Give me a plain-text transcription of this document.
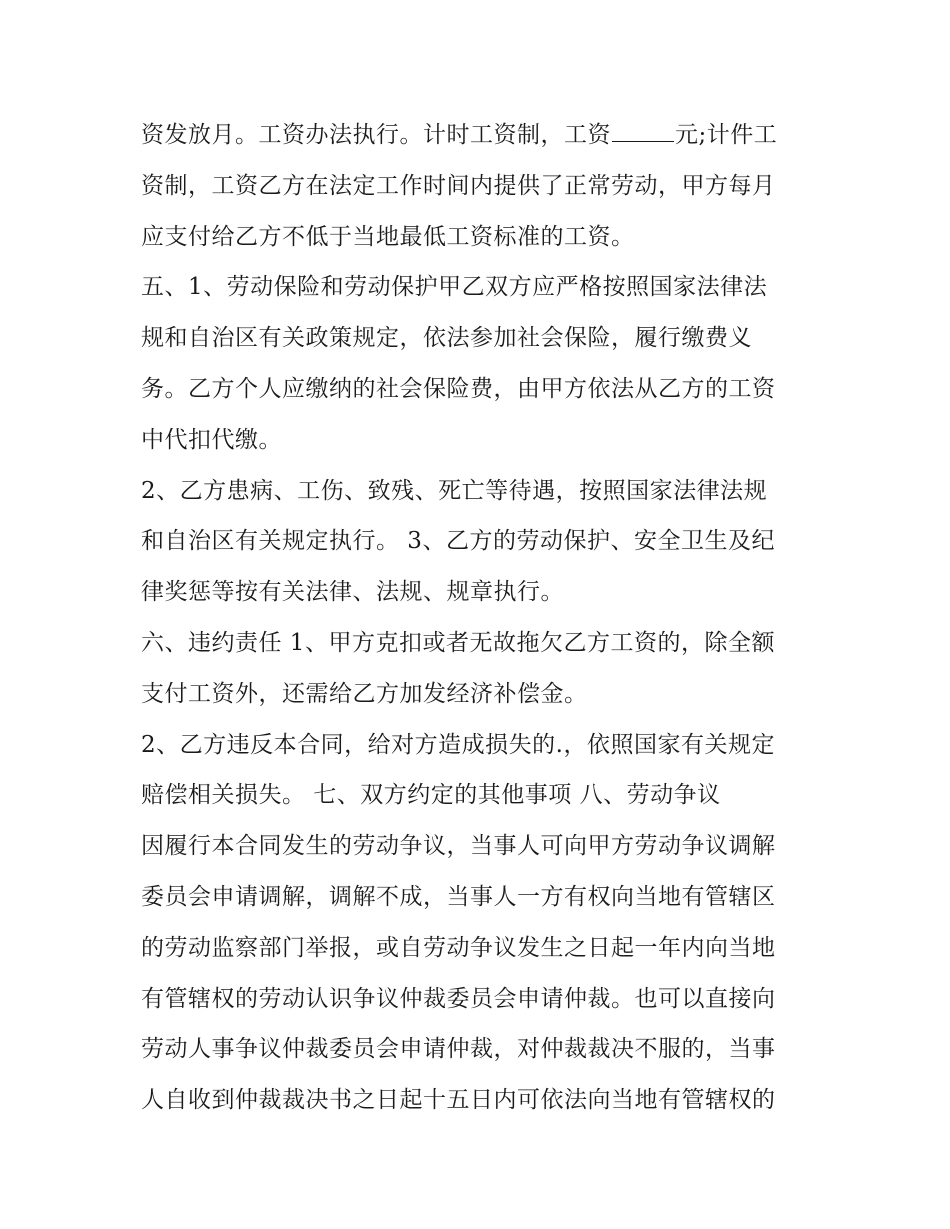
资发放月。工资办法执行。计时工资制，工资	元;计件工
资制，工资乙方在法定工作时间内提供了正常劳动，甲方每月
应支付给乙方不低于当地最低工资标准的工资。
五、1、劳动保险和劳动保护甲乙双方应严格按照国家法律法
规和自治区有关政策规定，依法参加社会保险，履行缴费义
务。乙方个人应缴纳的社会保险费，由甲方依法从乙方的工资
中代扣代缴。
2、乙方患病、工伤、致残、死亡等待遇，按照国家法律法规
和自治区有关规定执行。 3、乙方的劳动保护、安全卫生及纪
律奖惩等按有关法律、法规、规章执行。
六、违约责任 1、甲方克扣或者无故拖欠乙方工资的，除全额
支付工资外，还需给乙方加发经济补偿金。
2、乙方违反本合同，给对方造成损失的.，依照国家有关规定
赔偿相关损失。 七、双方约定的其他事项 八、劳动争议
因履行本合同发生的劳动争议，当事人可向甲方劳动争议调解
委员会申请调解，调解不成，当事人一方有权向当地有管辖区
的劳动监察部门举报，或自劳动争议发生之日起一年内向当地
有管辖权的劳动认识争议仲裁委员会申请仲裁。也可以直接向
劳动人事争议仲裁委员会申请仲裁，对仲裁裁决不服的，当事
人自收到仲裁裁决书之日起十五日内可依法向当地有管辖权的
